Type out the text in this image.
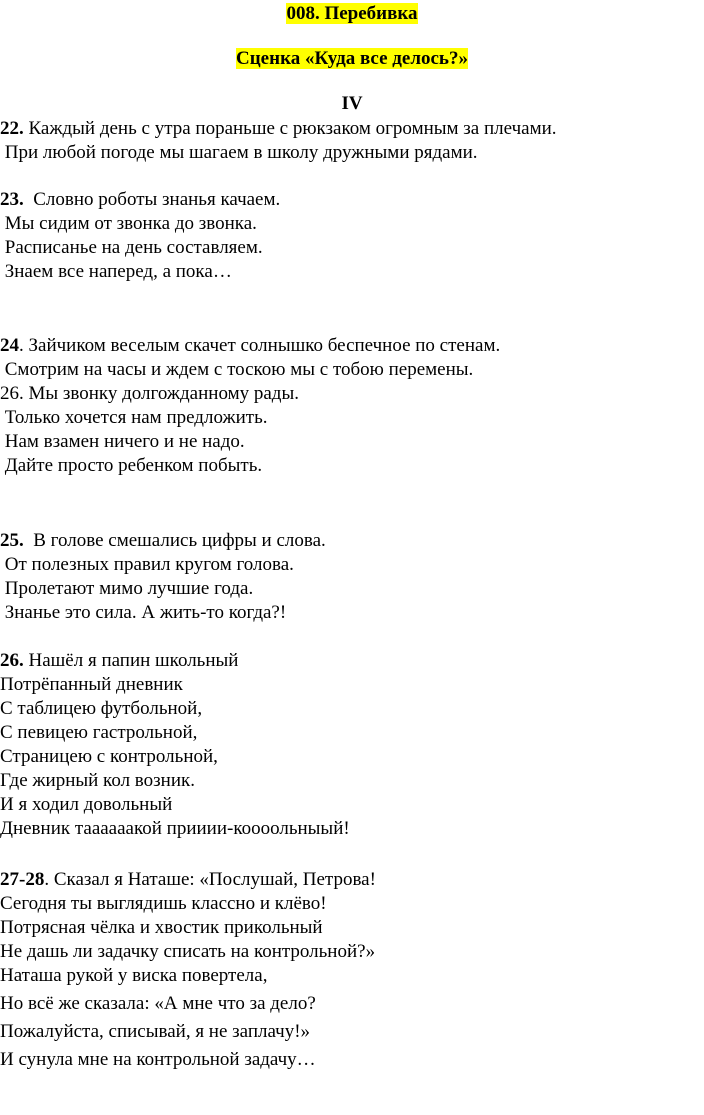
008. Перебивка
Сценка «Куда все делось?»
IV
22. Каждый день с утра пораньше с рюкзаком огромным за плечами.
При любой погоде мы шагаем в школу дружными рядами.
23. Словно роботы знанья качаем.
Мы сидим от звонка до звонка.
Расписанье на день составляем.
Знаем все наперед, а пока…
24. Зайчиком веселым скачет солнышко беспечное по стенам.
Смотрим на часы и ждем с тоскою мы с тобою перемены.
26. Мы звонку долгожданному рады.
Только хочется нам предложить.
Нам взамен ничего и не надо.
Дайте просто ребенком побыть.
25. В голове смешались цифры и слова.
От полезных правил кругом голова.
Пролетают мимо лучшие года.
Знанье это сила. А жить-то когда?!
26. Нашёл я папин школьный
Потрёпанный дневник
С таблицею футбольной,
С певицею гастрольной,
Страницею с контрольной,
Где жирный кол возник.
И я ходил довольный
Дневник таааааакой прииии-коооольныый!
27-28. Сказал я Наташе: «Послушай, Петрова!
Сегодня ты выглядишь классно и клёво!
Потрясная чёлка и хвостик прикольный
Не дашь ли задачку списать на контрольной?»
Наташа рукой у виска повертела,
Но всё же сказала: «А мне что за дело?
Пожалуйста, списывай, я не заплачу!»
И сунула мне на контрольной задачу…
